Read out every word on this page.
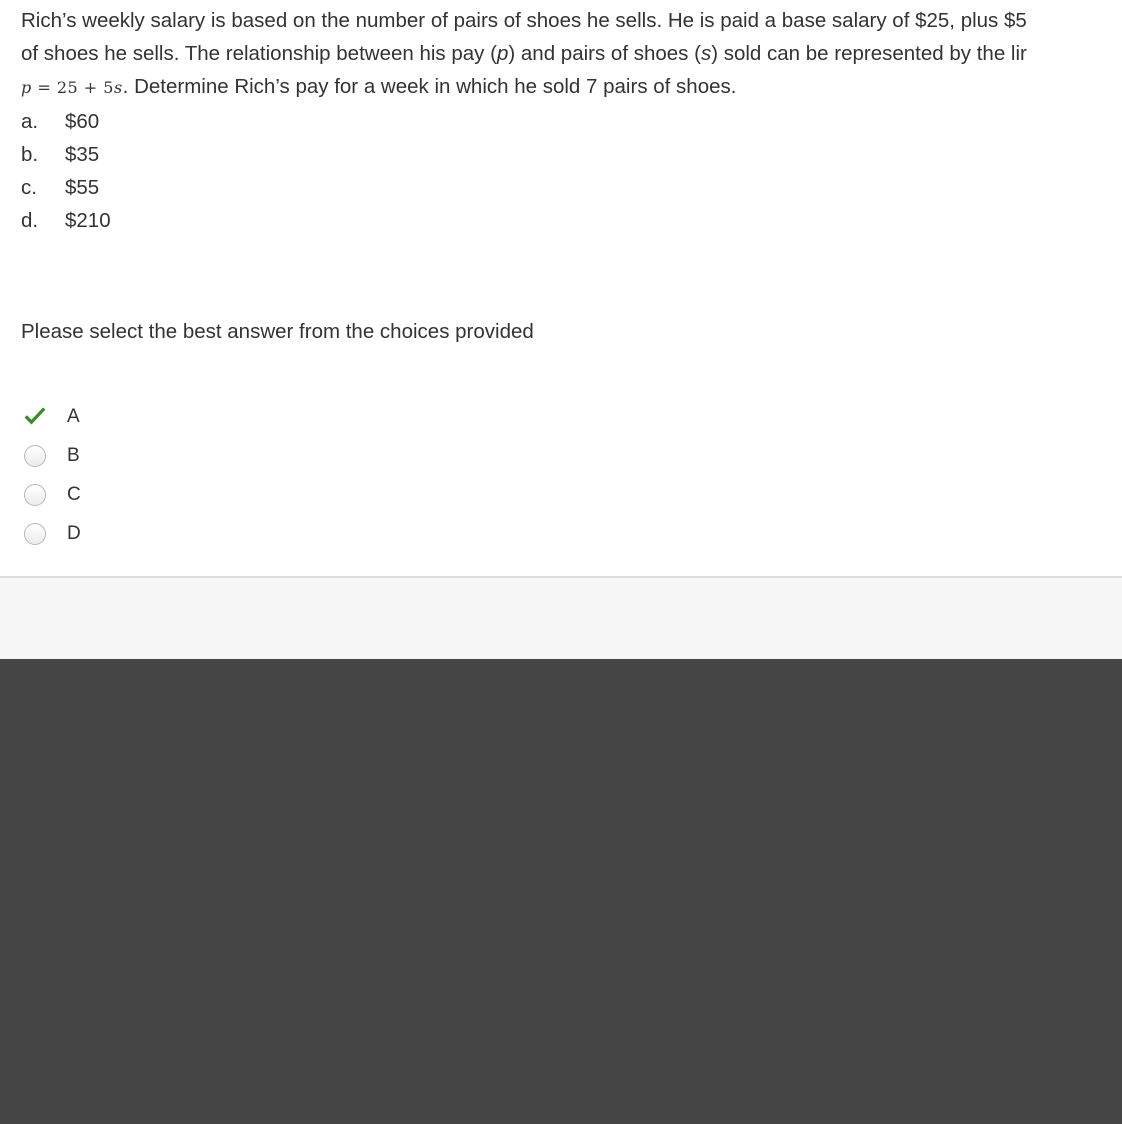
Rich’s weekly salary is based on the number of pairs of shoes he sells. He is paid a base salary of $25, plus $5
of shoes he sells. The relationship between his pay (p) and pairs of shoes (s) sold can be represented by the lir
p = 25 + 5s. Determine Rich’s pay for a week in which he sold 7 pairs of shoes.
a.	$60
b.	$35
c.	$55
d.	$210
Please select the best answer from the choices provided
A
B
C
D
